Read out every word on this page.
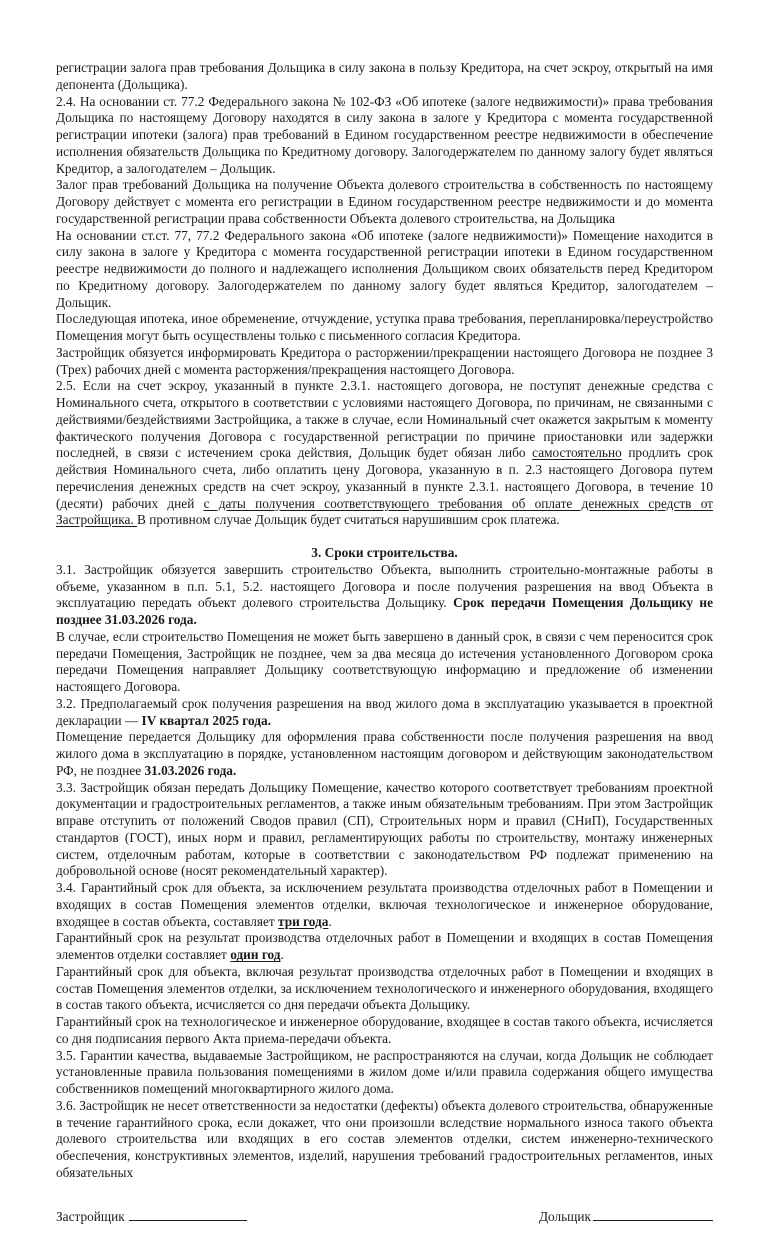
регистрации залога прав требования Дольщика в силу закона в пользу Кредитора, на счет эскроу, открытый на имя депонента (Дольщика).

2.4. На основании ст. 77.2 Федерального закона № 102-ФЗ «Об ипотеке (залоге недвижимости)» права требования Дольщика по настоящему Договору находятся в силу закона в залоге у Кредитора с момента государственной регистрации ипотеки (залога) прав требований в Едином государственном реестре недвижимости в обеспечение исполнения обязательств Дольщика по Кредитному договору. Залогодержателем по данному залогу будет являться Кредитор, а залогодателем – Дольщик.

Залог прав требований Дольщика на получение Объекта долевого строительства в собственность по настоящему Договору действует с момента его регистрации в Едином государственном реестре недвижимости и до момента государственной регистрации права собственности Объекта долевого строительства, на Дольщика

На основании ст.ст. 77, 77.2 Федерального закона «Об ипотеке (залоге недвижимости)» Помещение находится в силу закона в залоге у Кредитора с момента государственной регистрации ипотеки в Едином государственном реестре недвижимости до полного и надлежащего исполнения Дольщиком своих обязательств перед Кредитором по Кредитному договору. Залогодержателем по данному залогу будет являться Кредитор, залогодателем – Дольщик.

Последующая ипотека, иное обременение, отчуждение, уступка права требования, перепланировка/переустройство Помещения могут быть осуществлены только с письменного согласия Кредитора.

Застройщик обязуется информировать Кредитора о расторжении/прекращении настоящего Договора не позднее 3 (Трех) рабочих дней с момента расторжения/прекращения настоящего Договора.

2.5. Если на счет эскроу, указанный в пункте 2.3.1. настоящего договора, не поступят денежные средства с Номинального счета, открытого в соответствии с условиями настоящего Договора, по причинам, не связанными с действиями/бездействиями Застройщика, а также в случае, если Номинальный счет окажется закрытым к моменту фактического получения Договора с государственной регистрации по причине приостановки или задержки последней, в связи с истечением срока действия, Дольщик будет обязан либо самостоятельно продлить срок действия Номинального счета, либо оплатить цену Договора, указанную в п. 2.3 настоящего Договора путем перечисления денежных средств на счет эскроу, указанный в пункте 2.3.1. настоящего Договора, в течение 10 (десяти) рабочих дней с даты получения соответствующего требования об оплате денежных средств от Застройщика. В противном случае Дольщик будет считаться нарушившим срок платежа.

3. Сроки строительства.

3.1. Застройщик обязуется завершить строительство Объекта, выполнить строительно-монтажные работы в объеме, указанном в п.п. 5.1, 5.2. настоящего Договора и после получения разрешения на ввод Объекта в эксплуатацию передать объект долевого строительства Дольщику. Срок передачи Помещения Дольщику не позднее 31.03.2026 года.

В случае, если строительство Помещения не может быть завершено в данный срок, в связи с чем переносится срок передачи Помещения, Застройщик не позднее, чем за два месяца до истечения установленного Договором срока передачи Помещения направляет Дольщику соответствующую информацию и предложение об изменении настоящего Договора.

3.2. Предполагаемый срок получения разрешения на ввод жилого дома в эксплуатацию указывается в проектной декларации — IV квартал 2025 года.

Помещение передается Дольщику для оформления права собственности после получения разрешения на ввод жилого дома в эксплуатацию в порядке, установленном настоящим договором и действующим законодательством РФ, не позднее 31.03.2026 года.

3.3. Застройщик обязан передать Дольщику Помещение, качество которого соответствует требованиям проектной документации и градостроительных регламентов, а также иным обязательным требованиям. При этом Застройщик вправе отступить от положений Сводов правил (СП), Строительных норм и правил (СНиП), Государственных стандартов (ГОСТ), иных норм и правил, регламентирующих работы по строительству, монтажу инженерных систем, отделочным работам, которые в соответствии с законодательством РФ подлежат применению на добровольной основе (носят рекомендательный характер).

3.4. Гарантийный срок для объекта, за исключением результата производства отделочных работ в Помещении и входящих в состав Помещения элементов отделки, включая технологическое и инженерное оборудование, входящее в состав объекта, составляет три года.

Гарантийный срок на результат производства отделочных работ в Помещении и входящих в состав Помещения элементов отделки составляет один год.

Гарантийный срок для объекта, включая результат производства отделочных работ в Помещении и входящих в состав Помещения элементов отделки, за исключением технологического и инженерного оборудования, входящего в состав такого объекта, исчисляется со дня передачи объекта Дольщику.

Гарантийный срок на технологическое и инженерное оборудование, входящее в состав такого объекта, исчисляется со дня подписания первого Акта приема-передачи объекта.

3.5. Гарантии качества, выдаваемые Застройщиком, не распространяются на случаи, когда Дольщик не соблюдает установленные правила пользования помещениями в жилом доме и/или правила содержания общего имущества собственников помещений многоквартирного жилого дома.

3.6. Застройщик не несет ответственности за недостатки (дефекты) объекта долевого строительства, обнаруженные в течение гарантийного срока, если докажет, что они произошли вследствие нормального износа такого объекта долевого строительства или входящих в его состав элементов отделки, систем инженерно-технического обеспечения, конструктивных элементов, изделий, нарушения требований градостроительных регламентов, иных обязательных

Застройщик	Дольщик
